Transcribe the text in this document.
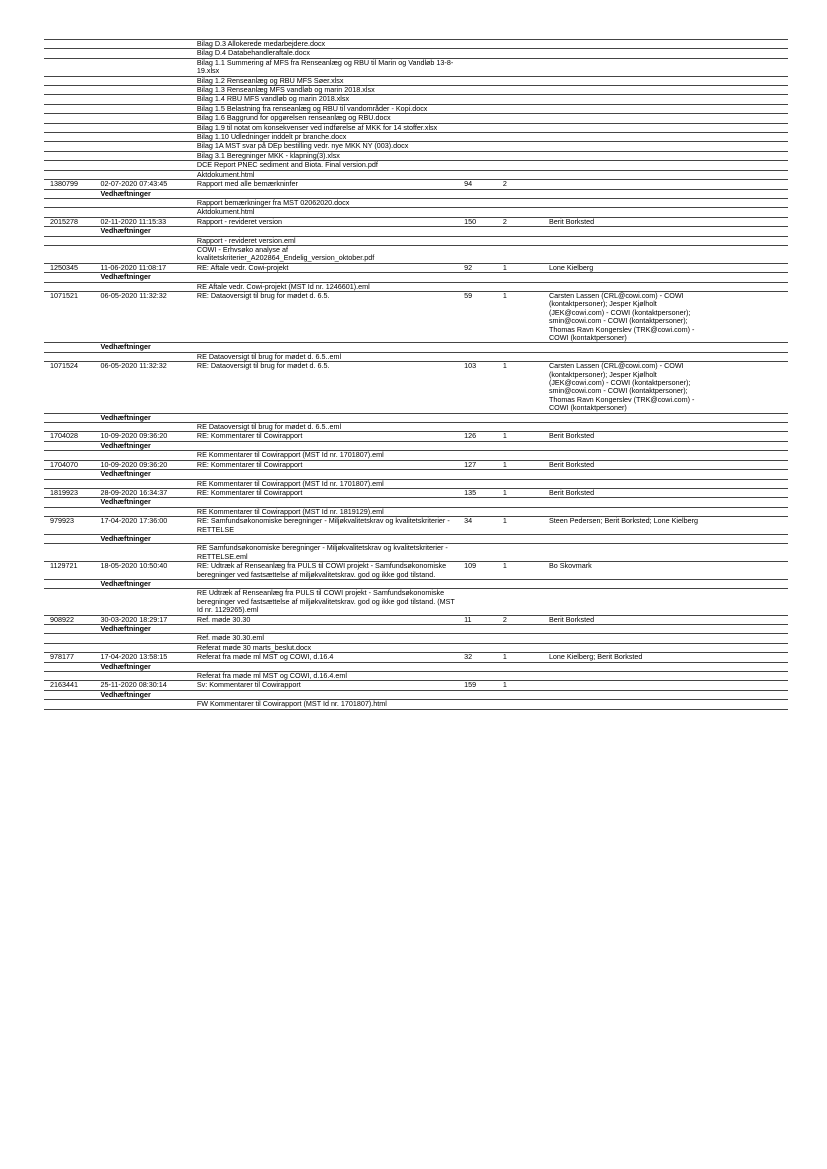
		Bilag D.3 Allokerede medarbejdere.docx				
		Bilag D.4 Databehandleraftale.docx				
		Bilag 1.1 Summering af MFS fra Renseanlæg og RBU til Marin og Vandløb 13-8-19.xlsx				
		Bilag 1.2 Renseanlæg og RBU MFS Søer.xlsx				
		Bilag 1.3 Renseanlæg MFS vandløb og marin 2018.xlsx				
		Bilag 1.4 RBU MFS vandløb og marin 2018.xlsx				
		Bilag 1.5 Belastning fra renseanlæg og RBU til vandområder - Kopi.docx				
		Bilag 1.6 Baggrund for opgørelsen renseanlæg og RBU.docx				
		Bilag 1.9 til notat om konsekvenser ved indførelse af MKK for 14 stoffer.xlsx				
		Bilag 1.10 Udledninger inddelt pr branche.docx				
		Bilag 1A MST svar på DEp bestilling vedr. nye MKK NY (003).docx				
		Bilag 3.1 Beregninger MKK - klapning(3).xlsx				
		DCE Report PNEC sediment and Biota. Final version.pdf				
		Aktdokument.html				
1380799	02-07-2020 07:43:45	Rapport med alle bemærkninfer	94	2		
	Vedhæftninger					
		Rapport bemærkninger fra MST 02062020.docx				
		Aktdokument.html				
2015278	02-11-2020 11:15:33	Rapport - revideret version	150	2	Berit Borksted	
	Vedhæftninger					
		Rapport - revideret version.eml				
		COWI - Erhvsøko analyse af kvalitetskriterier_A202864_Endelig_version_oktober.pdf				
1250345	11-06-2020 11:08:17	RE: Aftale vedr. Cowi-projekt	92	1	Lone Kielberg	
	Vedhæftninger					
		RE Aftale vedr. Cowi-projekt (MST Id nr. 1246601).eml				
1071521	06-05-2020 11:32:32	RE: Dataoversigt til brug for mødet d. 6.5.	59	1	Carsten Lassen (CRL@cowi.com) - COWI (kontaktpersoner); Jesper Kjølholt (JEK@cowi.com) - COWI (kontaktpersoner); smin@cowi.com - COWI (kontaktpersoner); Thomas Ravn Kongerslev (TRK@cowi.com) - COWI (kontaktpersoner)	
	Vedhæftninger					
		RE Dataoversigt til brug for mødet d. 6.5..eml				
1071524	06-05-2020 11:32:32	RE: Dataoversigt til brug for mødet d. 6.5.	103	1	Carsten Lassen (CRL@cowi.com) - COWI (kontaktpersoner); Jesper Kjølholt (JEK@cowi.com) - COWI (kontaktpersoner); smin@cowi.com - COWI (kontaktpersoner); Thomas Ravn Kongerslev (TRK@cowi.com) - COWI (kontaktpersoner)	
	Vedhæftninger					
		RE Dataoversigt til brug for mødet d. 6.5..eml				
1704028	10-09-2020 09:36:20	RE: Kommentarer til Cowirapport	126	1	Berit Borksted	
	Vedhæftninger					
		RE Kommentarer til Cowirapport (MST Id nr. 1701807).eml				
1704070	10-09-2020 09:36:20	RE: Kommentarer til Cowirapport	127	1	Berit Borksted	
	Vedhæftninger					
		RE Kommentarer til Cowirapport (MST Id nr. 1701807).eml				
1819923	28-09-2020 16:34:37	RE: Kommentarer til Cowirapport	135	1	Berit Borksted	
	Vedhæftninger					
		RE Kommentarer til Cowirapport (MST Id nr. 1819129).eml				
979923	17-04-2020 17:36:00	RE: Samfundsøkonomiske beregninger - Miljøkvalitetskrav og kvalitetskriterier - RETTELSE	34	1	Steen Pedersen; Berit Borksted; Lone Kielberg	
	Vedhæftninger					
		RE Samfundsøkonomiske beregninger - Miljøkvalitetskrav og kvalitetskriterier - RETTELSE.eml				
1129721	18-05-2020 10:50:40	RE: Udtræk af Renseanlæg fra PULS til COWI projekt - Samfundsøkonomiske beregninger ved fastsættelse af miljøkvalitetskrav. god og ikke god tilstand.	109	1	Bo Skovmark	
	Vedhæftninger					
		RE Udtræk af Renseanlæg fra PULS til COWI projekt - Samfundsøkonomiske beregninger ved fastsættelse af miljøkvalitetskrav. god og ikke god tilstand. (MST Id nr. 1129265).eml				
908922	30-03-2020 18:29:17	Ref. møde 30.30	11	2	Berit Borksted	
	Vedhæftninger					
		Ref. møde 30.30.eml				
		Referat møde 30 marts_beslut.docx				
978177	17-04-2020 13:58:15	Referat fra møde ml MST og COWI, d.16.4	32	1	Lone Kielberg; Berit Borksted	
	Vedhæftninger					
		Referat fra møde ml MST og COWI, d.16.4.eml				
2163441	25-11-2020 08:30:14	Sv: Kommentarer til Cowirapport	159	1		
	Vedhæftninger					
		FW Kommentarer til Cowirapport (MST Id nr. 1701807).html				
